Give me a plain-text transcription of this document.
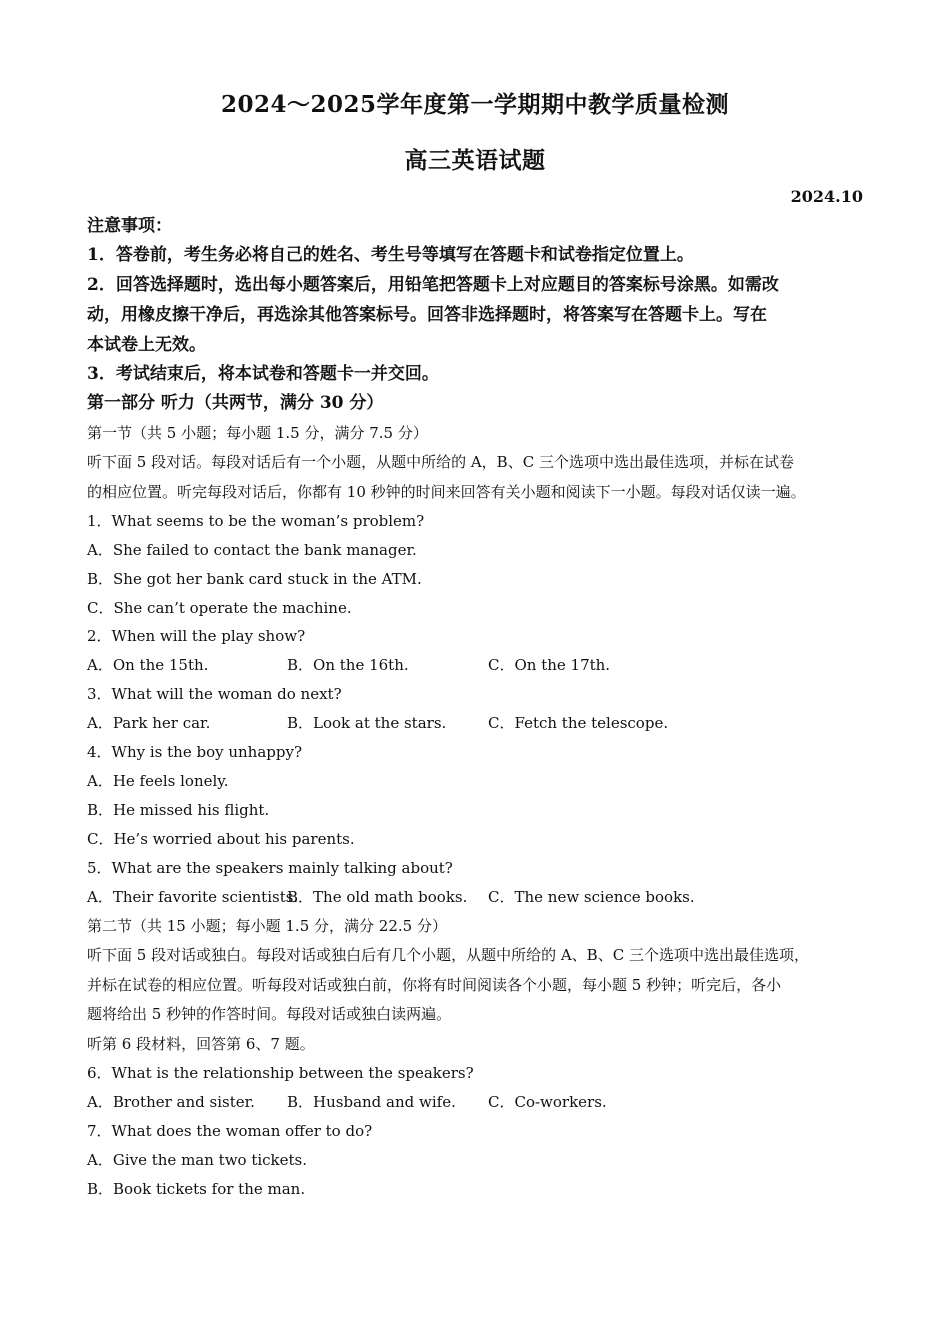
2024～2025学年度第一学期期中教学质量检测
高三英语试题
2024.10
注意事项：
1．答卷前，考生务必将自己的姓名、考生号等填写在答题卡和试卷指定位置上。
2．回答选择题时，选出每小题答案后，用铅笔把答题卡上对应题目的答案标号涂黑。如需改
动，用橡皮擦干净后，再选涂其他答案标号。回答非选择题时，将答案写在答题卡上。写在
本试卷上无效。
3．考试结束后，将本试卷和答题卡一并交回。
第一部分 听力（共两节，满分 30 分）
第一节（共 5 小题；每小题 1.5 分，满分 7.5 分）
听下面 5 段对话。每段对话后有一个小题，从题中所给的 A，B、C 三个选项中选出最佳选项，并标在试卷
的相应位置。听完每段对话后，你都有 10 秒钟的时间来回答有关小题和阅读下一小题。每段对话仅读一遍。
1．What seems to be the woman’s problem?
A．She failed to contact the bank manager.
B．She got her bank card stuck in the ATM.
C．She can’t operate the machine.
2．When will the play show?
A．On the 15th.	B．On the 16th.	C．On the 17th.
3．What will the woman do next?
A．Park her car.	B．Look at the stars.	C．Fetch the telescope.
4．Why is the boy unhappy?
A．He feels lonely.
B．He missed his flight.
C．He’s worried about his parents.
5．What are the speakers mainly talking about?
A．Their favorite scientists.
B．The old math books. C．The new science books.
第二节（共 15 小题；每小题 1.5 分，满分 22.5 分）
听下面 5 段对话或独白。每段对话或独白后有几个小题，从题中所给的 A、B、C 三个选项中选出最佳选项，
并标在试卷的相应位置。听每段对话或独白前，你将有时间阅读各个小题，每小题 5 秒钟；听完后，各小
题将给出 5 秒钟的作答时间。每段对话或独白读两遍。
听第 6 段材料，回答第 6、7 题。
6．What is the relationship between the speakers?
A．Brother and sister. B．Husband and wife. C．Co-workers.
7．What does the woman offer to do?
A．Give the man two tickets.
B．Book tickets for the man.
